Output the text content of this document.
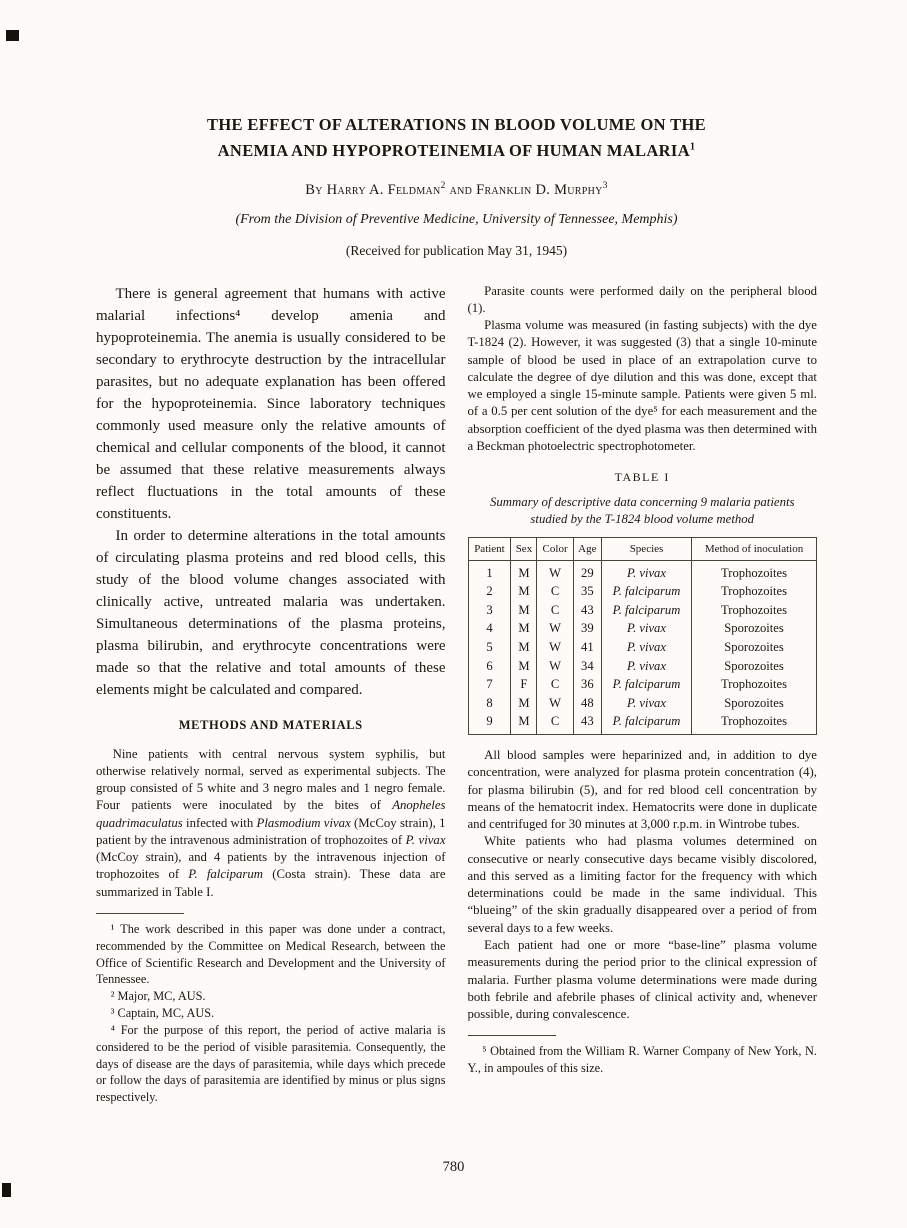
THE EFFECT OF ALTERATIONS IN BLOOD VOLUME ON THE
ANEMIA AND HYPOPROTEINEMIA OF HUMAN MALARIA$^1$

By Harry A. Feldman$^2$ and Franklin D. Murphy$^3$

(From the Division of Preventive Medicine, University of Tennessee, Memphis)

(Received for publication May 31, 1945)

There is general agreement that humans with active malarial infections⁴ develop amenia and hypoproteinemia. The anemia is usually considered to be secondary to erythrocyte destruction by the intracellular parasites, but no adequate explanation has been offered for the hypoproteinemia. Since laboratory techniques commonly used measure only the relative amounts of chemical and cellular components of the blood, it cannot be assumed that these relative measurements always reflect fluctuations in the total amounts of these constituents.

In order to determine alterations in the total amounts of circulating plasma proteins and red blood cells, this study of the blood volume changes associated with clinically active, untreated malaria was undertaken. Simultaneous determinations of the plasma proteins, plasma bilirubin, and erythrocyte concentrations were made so that the relative and total amounts of these elements might be calculated and compared.

METHODS AND MATERIALS

Nine patients with central nervous system syphilis, but otherwise relatively normal, served as experimental subjects. The group consisted of 5 white and 3 negro males and 1 negro female. Four patients were inoculated by the bites of Anopheles quadrimaculatus infected with Plasmodium vivax (McCoy strain), 1 patient by the intravenous administration of trophozoites of P. vivax (McCoy strain), and 4 patients by the intravenous injection of trophozoites of P. falciparum (Costa strain). These data are summarized in Table I.

¹ The work described in this paper was done under a contract, recommended by the Committee on Medical Research, between the Office of Scientific Research and Development and the University of Tennessee.

² Major, MC, AUS.

³ Captain, MC, AUS.

⁴ For the purpose of this report, the period of active malaria is considered to be the period of visible parasitemia. Consequently, the days of disease are the days of parasitemia, while days which precede or follow the days of parasitemia are identified by minus or plus signs respectively.

Parasite counts were performed daily on the peripheral blood (1).

Plasma volume was measured (in fasting subjects) with the dye T-1824 (2). However, it was suggested (3) that a single 10-minute sample of blood be used in place of an extrapolation curve to calculate the degree of dye dilution and this was done, except that we employed a single 15-minute sample. Patients were given 5 ml. of a 0.5 per cent solution of the dye⁵ for each measurement and the absorption coefficient of the dyed plasma was then determined with a Beckman photoelectric spectrophotometer.

TABLE I
Summary of descriptive data concerning 9 malaria patients studied by the T-1824 blood volume method
Patient	Sex	Color	Age	Species	Method of inoculation
1	M	W	29	P. vivax	Trophozoites
2	M	C	35	P. falciparum	Trophozoites
3	M	C	43	P. falciparum	Trophozoites
4	M	W	39	P. vivax	Sporozoites
5	M	W	41	P. vivax	Sporozoites
6	M	W	34	P. vivax	Sporozoites
7	F	C	36	P. falciparum	Trophozoites
8	M	W	48	P. vivax	Sporozoites
9	M	C	43	P. falciparum	Trophozoites

All blood samples were heparinized and, in addition to dye concentration, were analyzed for plasma protein concentration (4), for plasma bilirubin (5), and for red blood cell concentration by means of the hematocrit index. Hematocrits were done in duplicate and centrifuged for 30 minutes at 3,000 r.p.m. in Wintrobe tubes.

White patients who had plasma volumes determined on consecutive or nearly consecutive days became visibly discolored, and this served as a limiting factor for the frequency with which determinations could be made in the same individual. This “blueing” of the skin gradually disappeared over a period of from several days to a few weeks.

Each patient had one or more “base-line” plasma volume measurements during the period prior to the clinical expression of malaria. Further plasma volume determinations were made during both febrile and afebrile phases of clinical activity and, whenever possible, during convalescence.

⁵ Obtained from the William R. Warner Company of New York, N. Y., in ampoules of this size.

780
